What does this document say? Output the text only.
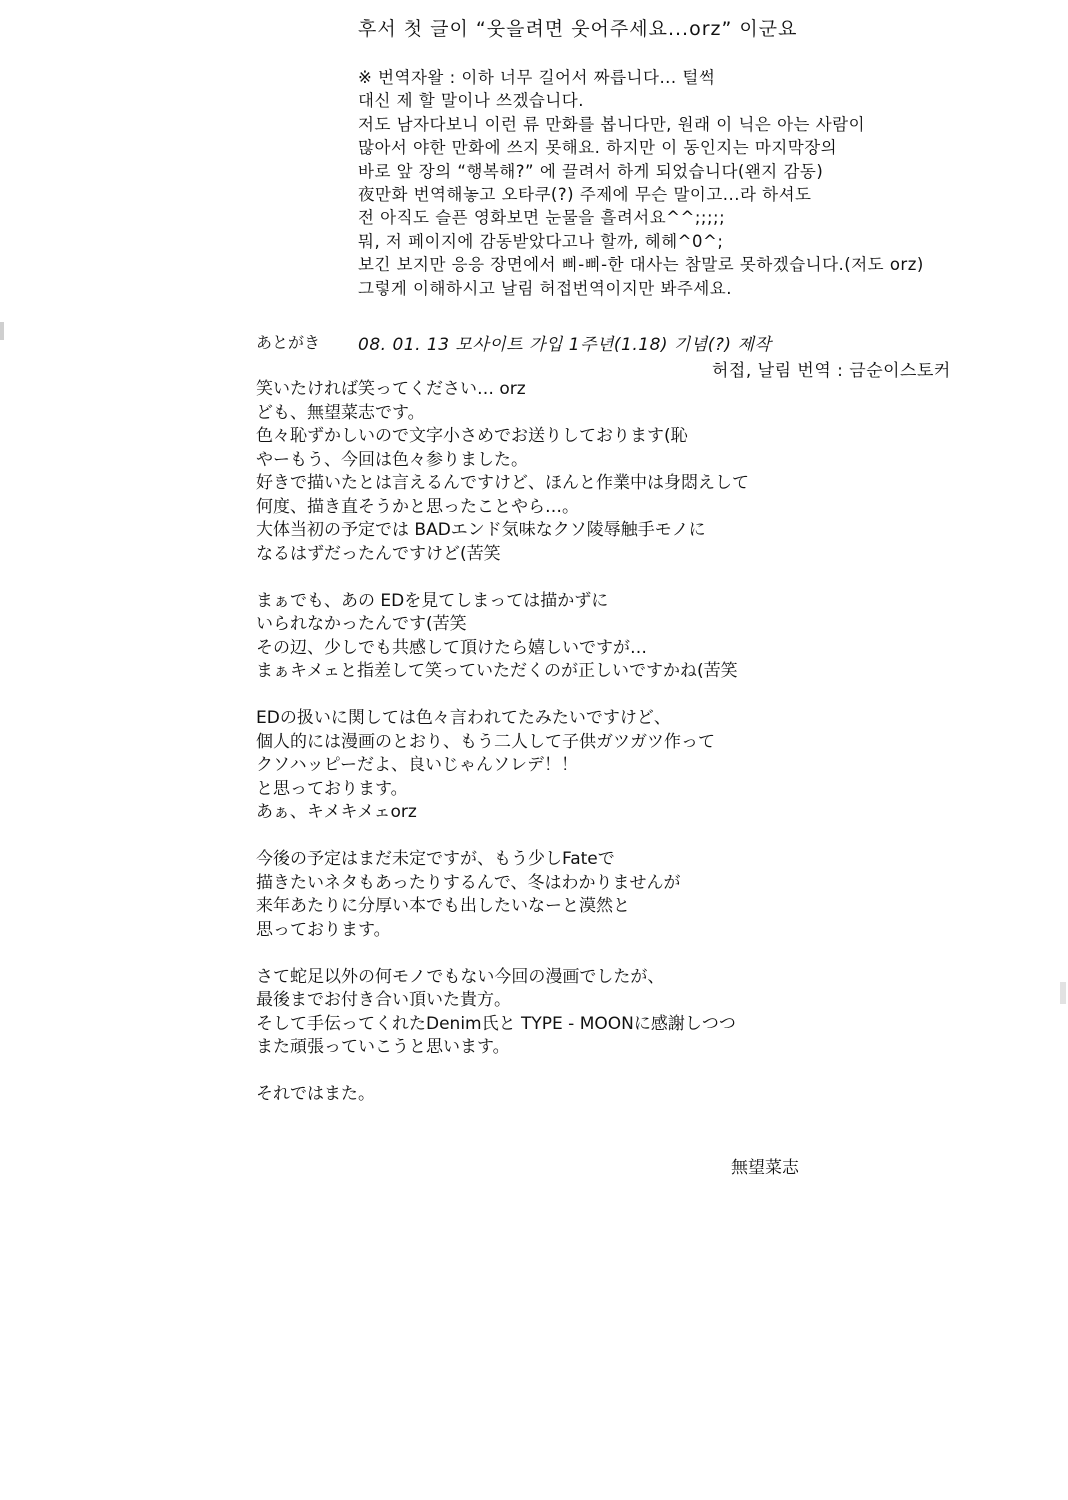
후서 첫 글이 “웃을려면 웃어주세요...orz” 이군요
※ 번역자왈 : 이하 너무 길어서 짜릅니다... 털썩
대신 제 할 말이나 쓰겠습니다.
저도 남자다보니 이런 류 만화를 봅니다만, 원래 이 닉은 아는 사람이
많아서 야한 만화에 쓰지 못해요. 하지만 이 동인지는 마지막장의
바로 앞 장의 “행복해?” 에 끌려서 하게 되었습니다(왠지 감동)
夜만화 번역해놓고 오타쿠(?) 주제에 무슨 말이고...라 하셔도
전 아직도 슬픈 영화보면 눈물을 흘려서요^^;;;;;
뭐, 저 페이지에 감동받았다고나 할까, 헤헤^0^;
보긴 보지만 응응 장면에서 삐-삐-한 대사는 참말로 못하겠습니다.(저도 orz)
그렇게 이해하시고 날림 허접번역이지만 봐주세요.
あとがき 08. 01. 13 모사이트 가입 1주년(1.18) 기념(?) 제작
허접, 날림 번역 : 금순이스토커
笑いたければ笑ってください… orz
ども、無望菜志です。
色々恥ずかしいので文字小さめでお送りしております(恥
やーもう、今回は色々参りました。
好きで描いたとは言えるんですけど、ほんと作業中は身悶えして
何度、描き直そうかと思ったことやら…。
大体当初の予定では BADエンド気味なクソ陵辱触手モノに
なるはずだったんですけど(苦笑
まぁでも、あの EDを見てしまっては描かずに
いられなかったんです(苦笑
その辺、少しでも共感して頂けたら嬉しいですが…
まぁキメェと指差して笑っていただくのが正しいですかね(苦笑
EDの扱いに関しては色々言われてたみたいですけど、
個人的には漫画のとおり、もう二人して子供ガツガツ作って
クソハッピーだよ、良いじゃんソレデ！！
と思っております。
あぁ、キメキメェorz
今後の予定はまだ未定ですが、もう少しFateで
描きたいネタもあったりするんで、冬はわかりませんが
来年あたりに分厚い本でも出したいなーと漠然と
思っております。
さて蛇足以外の何モノでもない今回の漫画でしたが、
最後までお付き合い頂いた貴方。
そして手伝ってくれたDenim氏と TYPE - MOONに感謝しつつ
また頑張っていこうと思います。
それではまた。
無望菜志
